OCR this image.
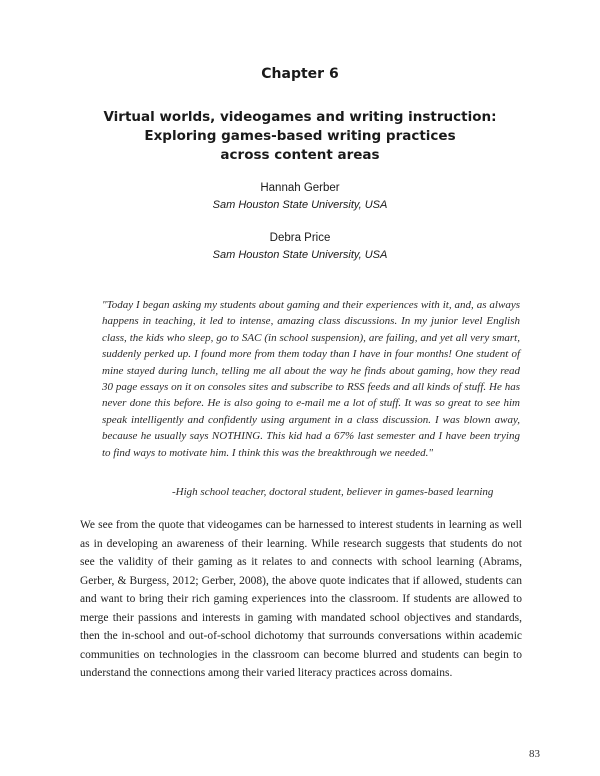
Chapter 6
Virtual worlds, videogames and writing instruction:
Exploring games-based writing practices
across content areas
Hannah Gerber
Sam Houston State University, USA
Debra Price
Sam Houston State University, USA
"Today I began asking my students about gaming and their experiences with it, and, as always happens in teaching, it led to intense, amazing class discussions. In my junior level English class, the kids who sleep, go to SAC (in school suspension), are failing, and yet all very smart, suddenly perked up. I found more from them today than I have in four months! One student of mine stayed during lunch, telling me all about the way he finds about gaming, how they read 30 page essays on it on consoles sites and subscribe to RSS feeds and all kinds of stuff. He has never done this before. He is also going to e-mail me a lot of stuff. It was so great to see him speak intelligently and confidently using argument in a class discussion. I was blown away, because he usually says NOTHING. This kid had a 67% last semester and I have been trying to find ways to motivate him. I think this was the breakthrough we needed."
-High school teacher, doctoral student, believer in games-based learning
We see from the quote that videogames can be harnessed to interest students in learning as well as in developing an awareness of their learning. While research suggests that students do not see the validity of their gaming as it relates to and connects with school learning (Abrams, Gerber, & Burgess, 2012; Gerber, 2008), the above quote indicates that if allowed, students can and want to bring their rich gaming experiences into the classroom. If students are allowed to merge their passions and interests in gaming with mandated school objectives and standards, then the in-school and out-of-school dichotomy that surrounds conversations within academic communities on technologies in the classroom can become blurred and students can begin to understand the connections among their varied literacy practices across domains.
83
